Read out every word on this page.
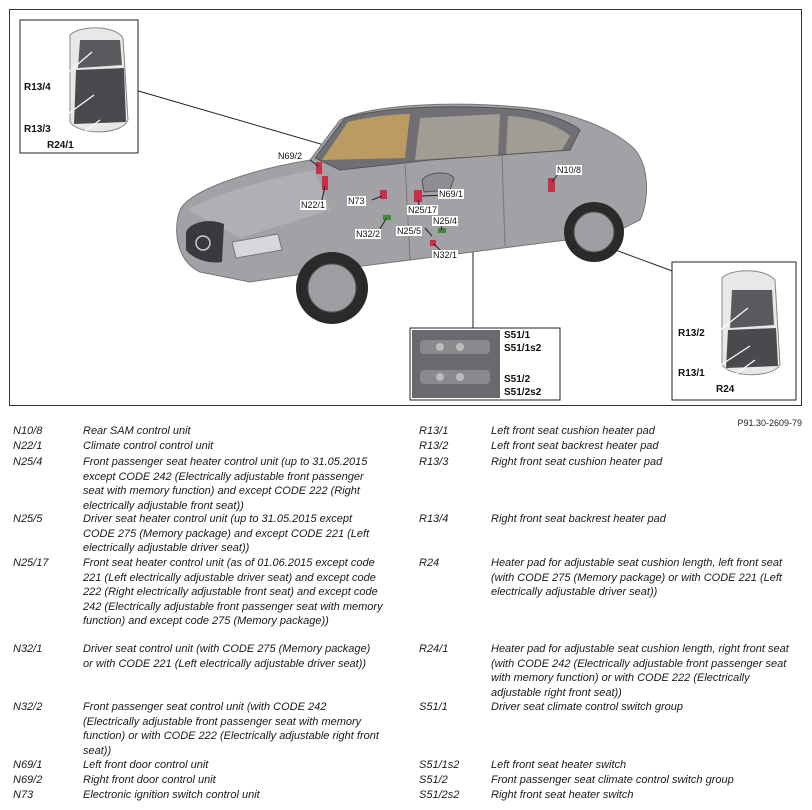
R13/4
R13/3
R24/1
R13/2
R13/1
R24
S51/1
S51/1s2
S51/2
S51/2s2
N69/2
N22/1	N73
N32/2 N25/5
N25/17
N69/1
N25/4
N32/1
N10/8
P91.30-2609-79
N10/8	Rear SAM control unit
N22/1	Climate control control unit
N25/4	Front passenger seat heater control unit (up to 31.05.2015 except CODE 242 (Electrically adjustable front passenger seat with memory function) and except CODE 222 (Right electrically adjustable front seat))
N25/5	Driver seat heater control unit (up to 31.05.2015 except CODE 275 (Memory package) and except CODE 221 (Left electrically adjustable driver seat))
N25/17	Front seat heater control unit (as of 01.06.2015 except code 221 (Left electrically adjustable driver seat) and except code 222 (Right electrically adjustable front seat) and except code 242 (Electrically adjustable front passenger seat with memory function) and except code 275 (Memory package))
N32/1	Driver seat control unit (with CODE 275 (Memory package) or with CODE 221 (Left electrically adjustable driver seat))
N32/2	Front passenger seat control unit (with CODE 242 (Electrically adjustable front passenger seat with memory function) or with CODE 222 (Electrically adjustable right front seat))
N69/1	Left front door control unit
N69/2	Right front door control unit
N73	Electronic ignition switch control unit
R13/1	Left front seat cushion heater pad
R13/2	Left front seat backrest heater pad
R13/3	Right front seat cushion heater pad
R13/4	Right front seat backrest heater pad
R24	Heater pad for adjustable seat cushion length, left front seat (with CODE 275 (Memory package) or with CODE 221 (Left electrically adjustable driver seat))
R24/1	Heater pad for adjustable seat cushion length, right front seat (with CODE 242 (Electrically adjustable front passenger seat with memory function) or with CODE 222 (Electrically adjustable right front seat))
S51/1	Driver seat climate control switch group
S51/1s2	Left front seat heater switch
S51/2	Front passenger seat climate control switch group
S51/2s2	Right front seat heater switch
